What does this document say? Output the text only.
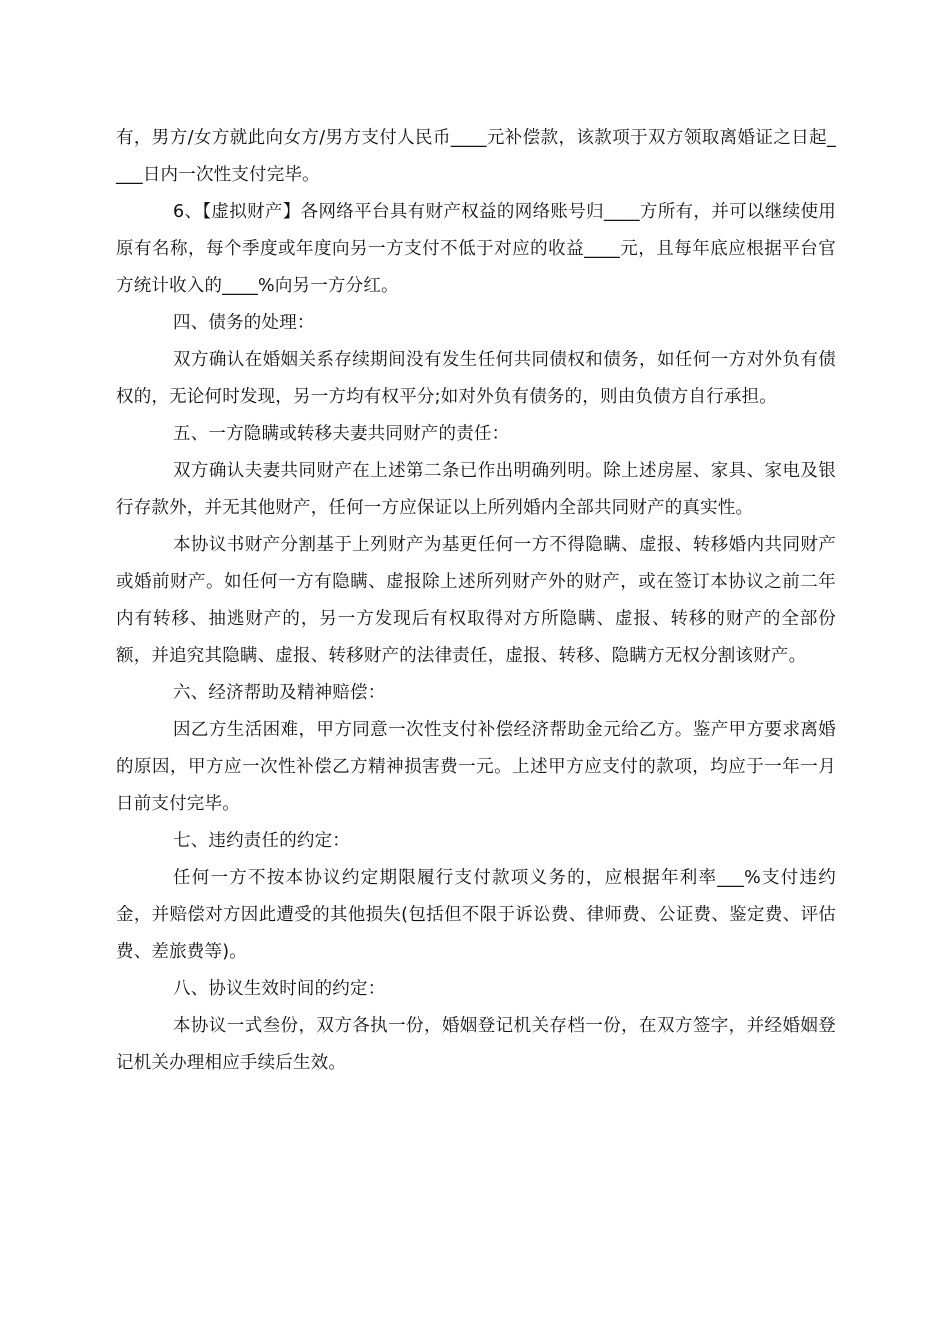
有，男方/女方就此向女方/男方支付人民币____元补偿款，该款项于双方领取离婚证之日起____日内一次性支付完毕。

6、【虚拟财产】各网络平台具有财产权益的网络账号归____方所有，并可以继续使用原有名称，每个季度或年度向另一方支付不低于对应的收益____元，且每年底应根据平台官方统计收入的____%向另一方分红。

四、债务的处理：

双方确认在婚姻关系存续期间没有发生任何共同债权和债务，如任何一方对外负有债权的，无论何时发现，另一方均有权平分;如对外负有债务的，则由负债方自行承担。

五、一方隐瞒或转移夫妻共同财产的责任：

双方确认夫妻共同财产在上述第二条已作出明确列明。除上述房屋、家具、家电及银行存款外，并无其他财产，任何一方应保证以上所列婚内全部共同财产的真实性。

本协议书财产分割基于上列财产为基更任何一方不得隐瞒、虚报、转移婚内共同财产或婚前财产。如任何一方有隐瞒、虚报除上述所列财产外的财产，或在签订本协议之前二年内有转移、抽逃财产的，另一方发现后有权取得对方所隐瞒、虚报、转移的财产的全部份额，并追究其隐瞒、虚报、转移财产的法律责任，虚报、转移、隐瞒方无权分割该财产。

六、经济帮助及精神赔偿：

因乙方生活困难，甲方同意一次性支付补偿经济帮助金元给乙方。鉴产甲方要求离婚的原因，甲方应一次性补偿乙方精神损害费一元。上述甲方应支付的款项，均应于一年一月日前支付完毕。

七、违约责任的约定：

任何一方不按本协议约定期限履行支付款项义务的，应根据年利率___%支付违约金，并赔偿对方因此遭受的其他损失(包括但不限于诉讼费、律师费、公证费、鉴定费、评估费、差旅费等)。

八、协议生效时间的约定：

本协议一式叁份，双方各执一份，婚姻登记机关存档一份，在双方签字，并经婚姻登记机关办理相应手续后生效。
